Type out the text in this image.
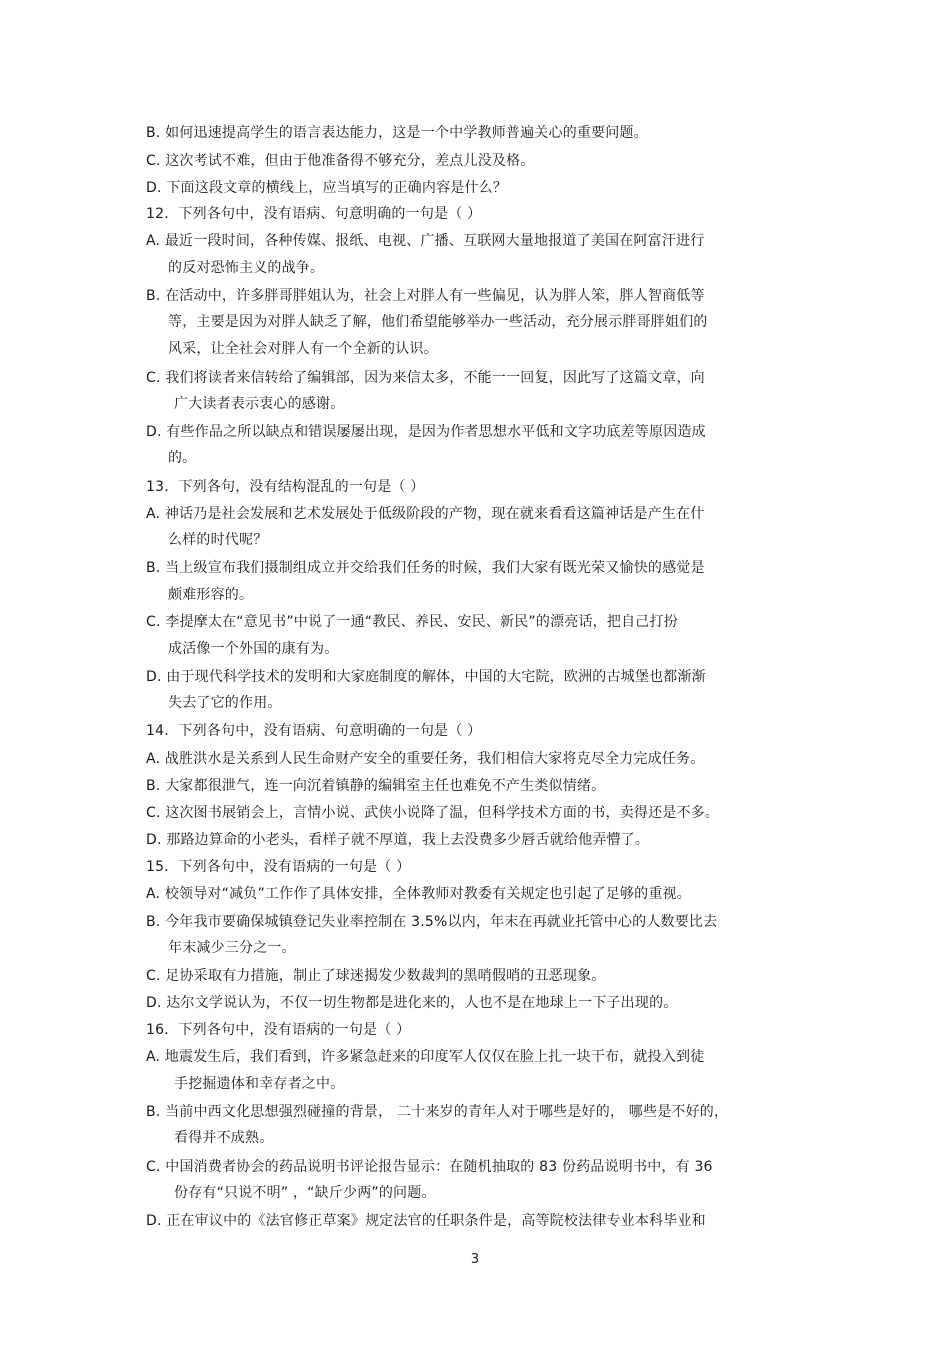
B. 如何迅速提高学生的语言表达能力，这是一个中学教师普遍关心的重要问题。
C. 这次考试不难，但由于他准备得不够充分，差点儿没及格。
D. 下面这段文章的横线上，应当填写的正确内容是什么？
12．下列各句中，没有语病、句意明确的一句是（ ）
A. 最近一段时间，各种传媒、报纸、电视、广播、互联网大量地报道了美国在阿富汗进行
的反对恐怖主义的战争。
B. 在活动中，许多胖哥胖姐认为，社会上对胖人有一些偏见，认为胖人笨，胖人智商低等
等，主要是因为对胖人缺乏了解，他们希望能够举办一些活动，充分展示胖哥胖姐们的
风采，让全社会对胖人有一个全新的认识。
C. 我们将读者来信转给了编辑部，因为来信太多，不能一一回复，因此写了这篇文章，向
广大读者表示衷心的感谢。
D. 有些作品之所以缺点和错误屡屡出现，是因为作者思想水平低和文字功底差等原因造成
的。
13．下列各句，没有结构混乱的一句是（ ）
A. 神话乃是社会发展和艺术发展处于低级阶段的产物，现在就来看看这篇神话是产生在什
么样的时代呢？
B. 当上级宣布我们摄制组成立并交给我们任务的时候，我们大家有既光荣又愉快的感觉是
颇难形容的。
C. 李提摩太在“意见书”中说了一通“教民、养民、安民、新民”的漂亮话，把自己打扮
成活像一个外国的康有为。
D. 由于现代科学技术的发明和大家庭制度的解体，中国的大宅院，欧洲的古城堡也都渐渐
失去了它的作用。
14．下列各句中，没有语病、句意明确的一句是（ ）
A. 战胜洪水是关系到人民生命财产安全的重要任务，我们相信大家将克尽全力完成任务。
B. 大家都很泄气，连一向沉着镇静的编辑室主任也难免不产生类似情绪。
C. 这次图书展销会上，言情小说、武侠小说降了温，但科学技术方面的书，卖得还是不多。
D. 那路边算命的小老头，看样子就不厚道，我上去没费多少唇舌就给他弄懵了。
15．下列各句中，没有语病的一句是（ ）
A. 校领导对“减负”工作作了具体安排，全体教师对教委有关规定也引起了足够的重视。
B. 今年我市要确保城镇登记失业率控制在 3.5%以内，年末在再就业托管中心的人数要比去
年末减少三分之一。
C. 足协采取有力措施，制止了球迷揭发少数裁判的黑哨假哨的丑恶现象。
D. 达尔文学说认为，不仅一切生物都是进化来的，人也不是在地球上一下子出现的。
16．下列各句中，没有语病的一句是（ ）
A. 地震发生后，我们看到，许多紧急赶来的印度军人仅仅在脸上扎一块干布，就投入到徒
手挖掘遗体和幸存者之中。
B. 当前中西文化思想强烈碰撞的背景， 二十来岁的青年人对于哪些是好的， 哪些是不好的，
看得并不成熟。
C. 中国消费者协会的药品说明书评论报告显示：在随机抽取的 83 份药品说明书中，有 36
份存有“只说不明” ，“缺斤少两”的问题。
D. 正在审议中的《法官修正草案》规定法官的任职条件是，高等院校法律专业本科毕业和
3
